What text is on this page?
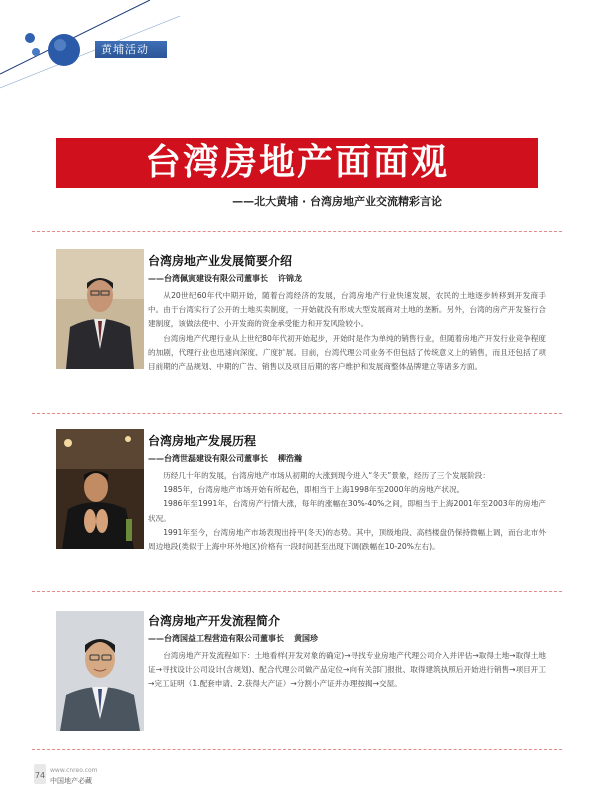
黄埔活动
台湾房地产面面观
——北大黄埔 · 台湾房地产业交流精彩言论
台湾房地产业发展简要介绍
——台湾佩寅建设有限公司董事长 许锦龙

从20世纪60年代中期开始，随着台湾经济的发展，台湾房地产行业快速发展，农民的土地逐步转移到开发商手中。由于台湾实行了公开的土地买卖制度，一开始就没有形成大型发展商对土地的垄断。另外，台湾的房产开发鉴行合建制度，该做法使中、小开发商的资金承受能力和开发风险较小。

台湾房地产代理行业从上世纪80年代初开始起步，开始时是作为单纯的销售行业，但随着房地产开发行业竞争程度的加剧，代理行业也迅速向深度、广度扩展。目前，台湾代理公司业务不但包括了传统意义上的销售，而且还包括了项目前期的产品规划、中期的广告、销售以及项目后期的客户维护和发展商整体品牌建立等诸多方面。

台湾房地产发展历程
——台湾世磊建设有限公司董事长 柳浩瀚

历经几十年的发展，台湾房地产市场从初期的大涨到现今进入“冬天”景象，经历了三个发展阶段：

1985年，台湾房地产市场开始有所起色，即相当于上海1998年至2000年的房地产状况。

1986年至1991年，台湾房产行情大涨，每年的涨幅在30%-40%之间，即相当于上海2001年至2003年的房地产状况。

1991年至今，台湾房地产市场表现出持平(冬天)的态势。其中，顶级地段、高档楼盘仍保持微幅上调，而台北市外周边地段(类似于上海中环外地区)价格有一段时间甚至出现下调(跌幅在10-20%左右)。

台湾房地产开发流程简介
——台湾国益工程营造有限公司董事长 黄国珍

台湾房地产开发流程如下：土地看样(开发对象的确定)→寻找专业房地产代理公司介入并评估→取得土地→取得土地证→寻找设计公司设计(含规划)、配合代理公司做产品定位→向有关部门报批、取得建筑执照后开始进行销售→项目开工→完工证明（1.配套申请、2.获得大产证）→分割小产证并办理按揭→交屋。

74
www.cnreo.com
中国地产必藏
